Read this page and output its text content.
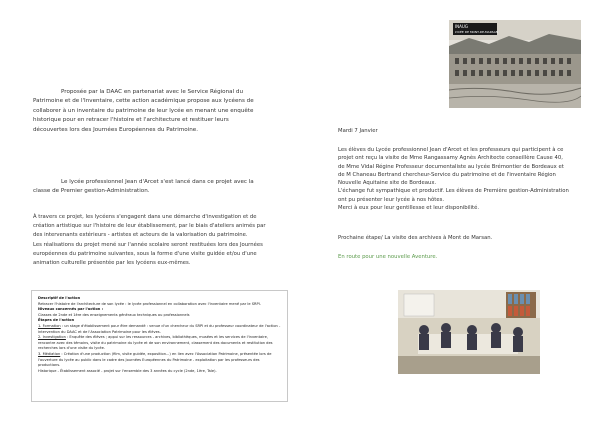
Proposée par la DAAC en partenariat avec le Service Régional du Patrimoine et de l'Inventaire, cette action académique propose aux lycéens de collaborer à un inventaire du patrimoine de leur lycée en menant une enquête historique pour en retracer l'histoire et l'architecture et restituer leurs découvertes lors des Journées Européennes du Patrimoine.
Le lycée professionnel Jean d'Arcet s'est lancé dans ce projet avec la classe de Premier gestion-Administration.

À travers ce projet, les lycéens s'engagent dans une démarche d'investigation et de création artistique sur l'histoire de leur établissement, par le biais d'ateliers animés par des intervenants extérieurs - artistes et acteurs de la valorisation du patrimoine.

Les réalisations du projet mené sur l'année scolaire seront restituées lors des Journées européennes du patrimoine suivantes, sous la forme d'une visite guidée et/ou d'une animation culturelle présentée par les lycéens eux-mêmes.

Descriptif de l'action
Retracer l'histoire de l'architecture de son lycée : le lycée professionnel en collaboration avec l'inventaire mené par le SRPI.
Niveaux concernés par l'action :
Classes de 2nde et 1ère des enseignements généraux techniques ou professionnels
Étapes de l'action
1. Formation : un stage d'établissement pour être demandé : venue d'un chercheur du SRPI et du professeur coordinateur de l'action - intervention du DAAC et de l'Association Patrimoine pour les élèves.
2. Investigation : Enquête des élèves ; appui sur les ressources - archives, bibliothèques, musées et les services de l'inventaire, rencontre avec des témoins, visite du patrimoine du lycée et de son environnement, classement des documents et restitution des recherches lors d'une visite du lycée.
3. Médiation : Création d'une production (film, visite guidée, exposition...) en lien avec l'Association Patrimoine, présentée lors de l'ouverture du lycée au public dans le cadre des Journées Européennes du Patrimoine - exploitation par les professeurs des productions.
Historique - Établissement associé - projet sur l'ensemble des 3 années du cycle (2nde, 1ère, Tale).
INAUG
LYCÉE DE MONT-DE-MARSAN
Mardi 7 Janvier
Les élèves du Lycée professionnel Jean d'Arcet et les professeurs qui participent à ce projet ont reçu la visite de Mme Rangassamy Agnès Architecte conseillère Cause 40, de Mme Vidal Régine Professeur documentaliste au lycée Brémontier de Bordeaux et de M Chaneau Bertrand chercheur-Service du patrimoine et de l'inventaire Région Nouvelle Aquitaine site de Bordeaux.
L'échange fut sympathique et productif. Les élèves de Première gestion-Administration ont pu présenter leur lycée à nos hôtes.
Merci à eux pour leur gentillesse et leur disponibilité.
Prochaine étape/ La visite des archives à Mont de Marsan.
En route pour une nouvelle Aventure.
